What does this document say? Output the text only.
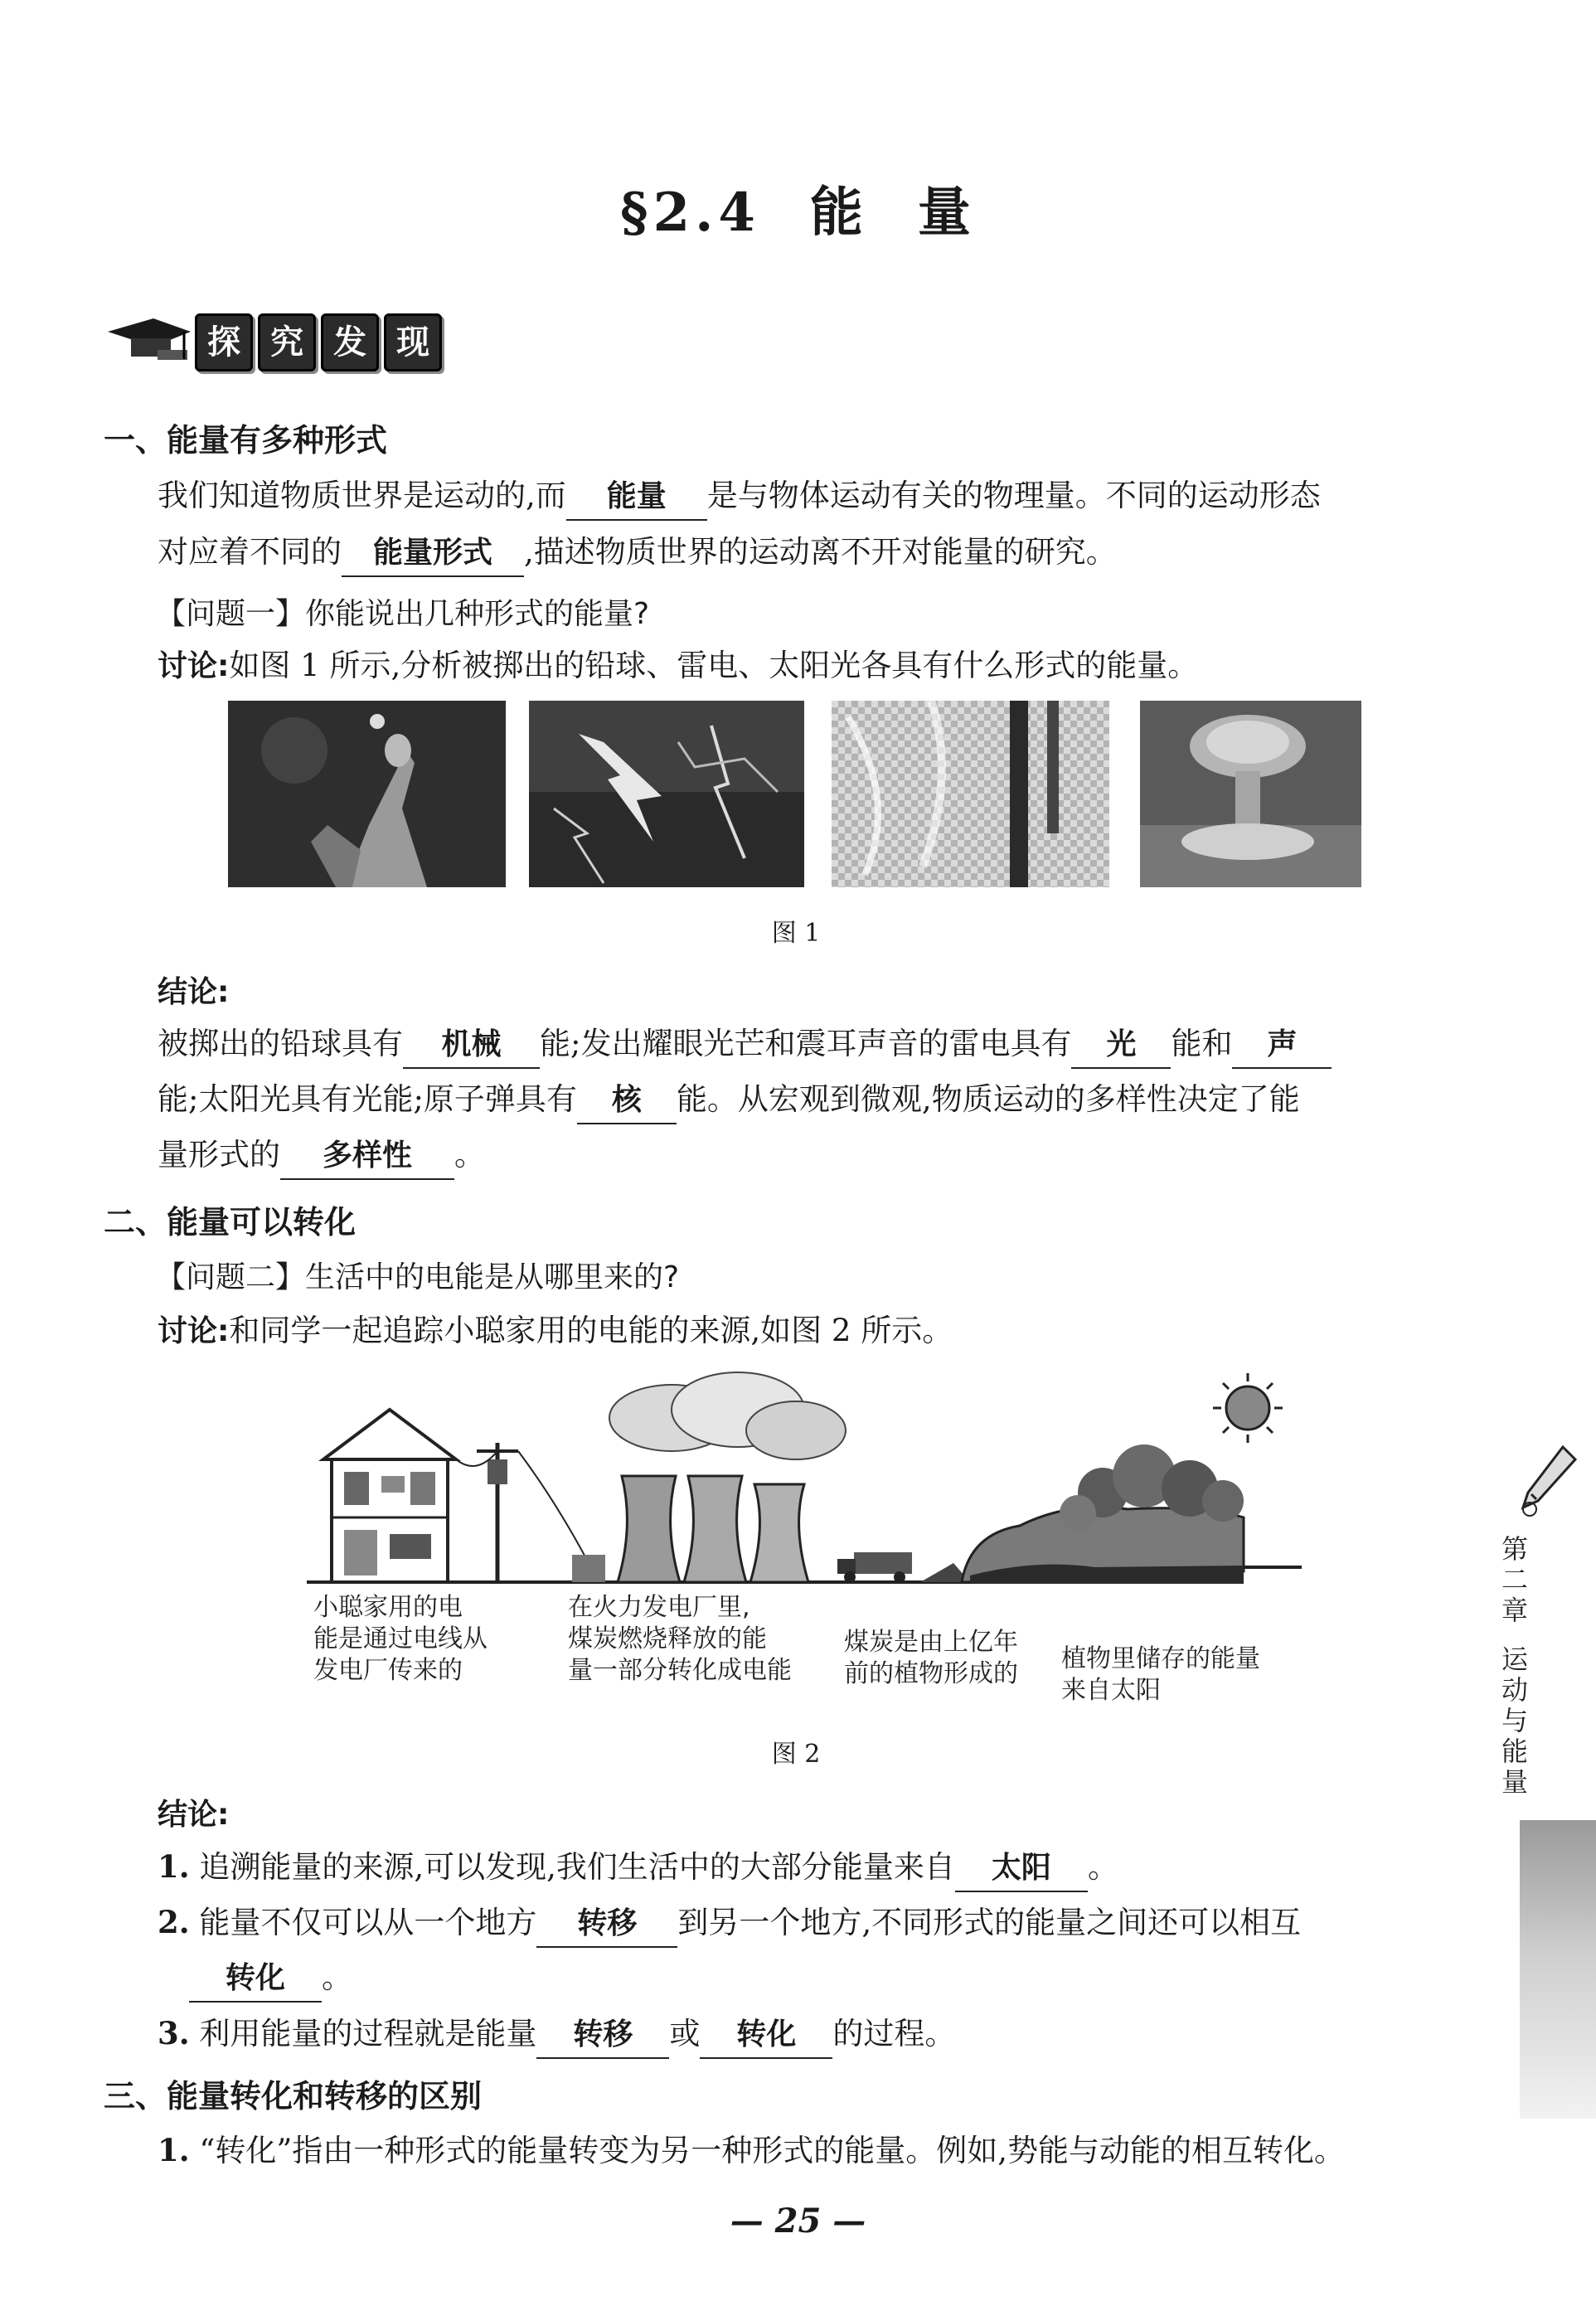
§2.4 能 量
探 究 发 现
一、能量有多种形式
我们知道物质世界是运动的,而 能量 是与物体运动有关的物理量。不同的运动形态
对应着不同的 能量形式 ,描述物质世界的运动离不开对能量的研究。
【问题一】你能说出几种形式的能量?
讨论:如图 1 所示,分析被掷出的铅球、雷电、太阳光各具有什么形式的能量。
图 1
结论:
被掷出的铅球具有 机械 能;发出耀眼光芒和震耳声音的雷电具有 光 能和 声
能;太阳光具有光能;原子弹具有 核 能。从宏观到微观,物质运动的多样性决定了能
量形式的 多样性 。
二、能量可以转化
【问题二】生活中的电能是从哪里来的?
讨论:和同学一起追踪小聪家用的电能的来源,如图 2 所示。
小聪家用的电
能是通过电线从
发电厂传来的
在火力发电厂里,
煤炭燃烧释放的能
量一部分转化成电能
煤炭是由上亿年
前的植物形成的
植物里储存的能量
来自太阳
图 2
结论:
1. 追溯能量的来源,可以发现,我们生活中的大部分能量来自 太阳 。
2. 能量不仅可以从一个地方 转移 到另一个地方,不同形式的能量之间还可以相互
转化 。
3. 利用能量的过程就是能量 转移 或 转化 的过程。
三、能量转化和转移的区别
1. “转化”指由一种形式的能量转变为另一种形式的能量。例如,势能与动能的相互转化。
第
二
章
运
动
与
能
量
— 25 —
